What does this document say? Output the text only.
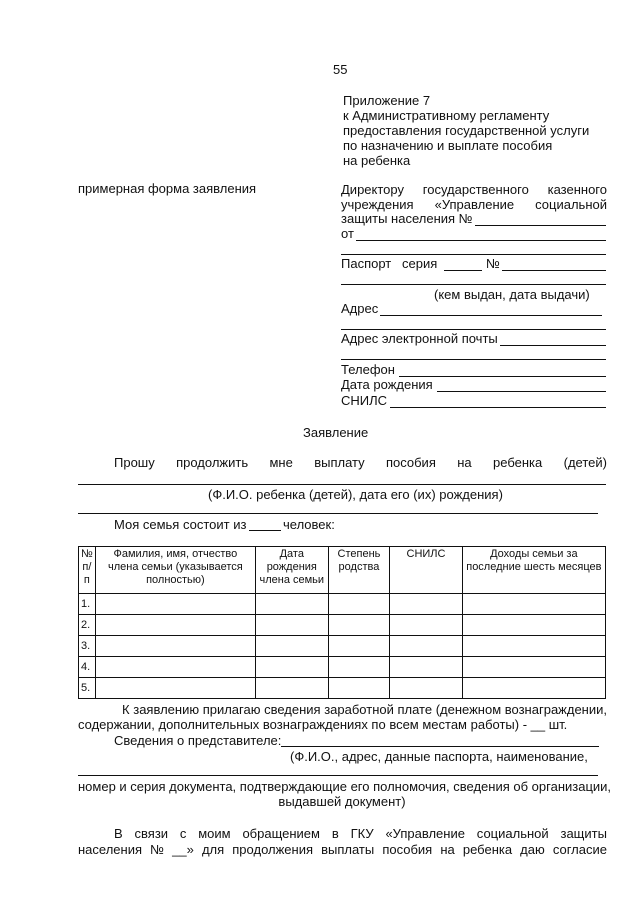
55
Приложение 7
к Административному регламенту
предоставления государственной услуги
по назначению и выплате пособия
на ребенка
примерная форма заявления	Директору государственного казенного
учреждения «Управление социальной
защиты населения №
от
Паспорт серия	№
(кем выдан, дата выдачи)
Адрес
Адрес электронной почты
Телефон
Дата рождения
СНИЛС
Заявление
Прошу продолжить мне выплату пособия на ребенка (детей)
(Ф.И.О. ребенка (детей), дата его (их) рождения)
Моя семья состоит из	человек:
№ п/п	Фамилия, имя, отчество члена семьи (указывается полностью)	Дата рождения члена семьи	Степень родства	СНИЛС	Доходы семьи за последние шесть месяцев
1.					
2.					
3.					
4.					
5.					
К заявлению прилагаю сведения заработной плате (денежном вознаграждении,
содержании, дополнительных вознаграждениях по всем местам работы) - __ шт.
Сведения о представителе:
(Ф.И.О., адрес, данные паспорта, наименование,
номер и серия документа, подтверждающие его полномочия, сведения об организации,
выдавшей документ)
В связи с моим обращением в ГКУ «Управление социальной защиты
населения № __» для продолжения выплаты пособия на ребенка даю согласие
